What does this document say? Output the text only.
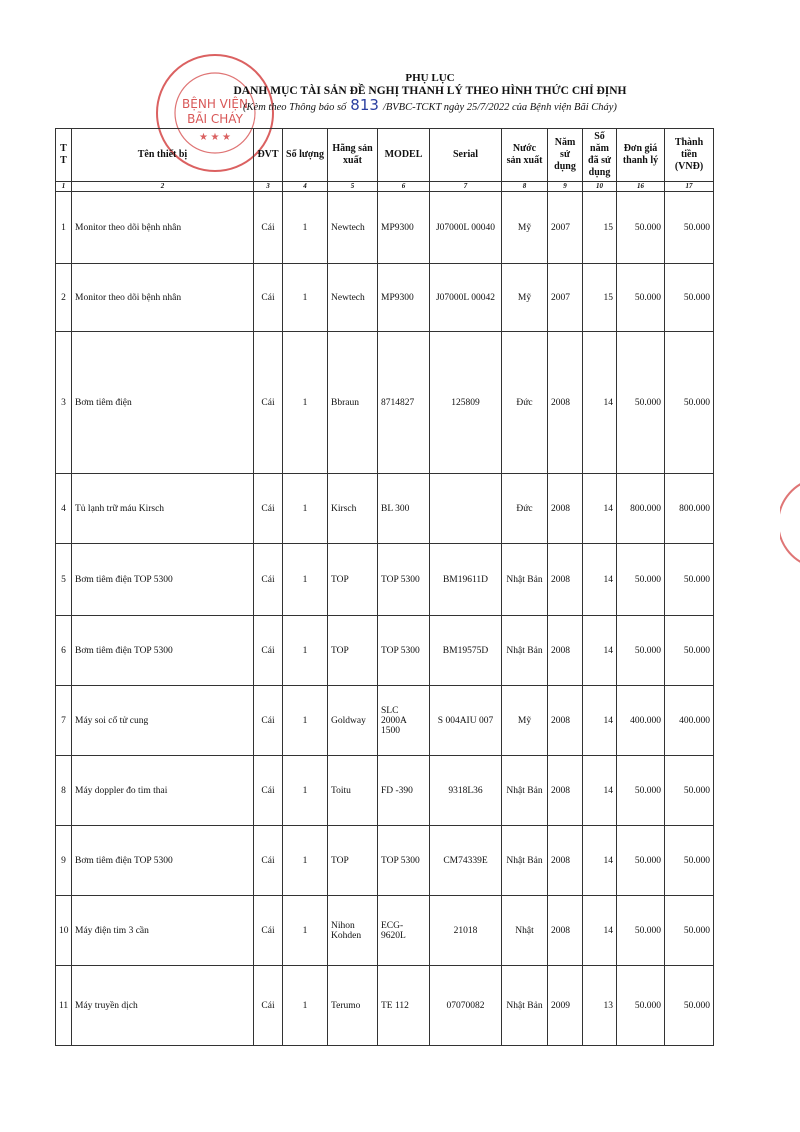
BỆNH VIỆN
BÃI CHÁY
★ ★ ★
PHỤ LỤC
DANH MỤC TÀI SẢN ĐỀ NGHỊ THANH LÝ THEO HÌNH THỨC CHỈ ĐỊNH
(Kèm theo Thông báo số 813 /BVBC-TCKT ngày 25/7/2022 của Bệnh viện Bãi Cháy)
T
T	Tên thiết bị	ĐVT	Số lượng	Hãng sản xuất	MODEL	Serial	Nước sản xuất	Năm sử dụng	Số năm đã sử dụng	Đơn giá thanh lý	Thành tiền (VNĐ)
1	2	3	4	5	6	7	8	9	10	16	17
1	Monitor theo dõi bệnh nhân	Cái	1	Newtech	MP9300	J07000L 00040	Mỹ	2007	15	50.000	50.000
2	Monitor theo dõi bệnh nhân	Cái	1	Newtech	MP9300	J07000L 00042	Mỹ	2007	15	50.000	50.000
3	Bơm tiêm điện	Cái	1	Bbraun	8714827	125809	Đức	2008	14	50.000	50.000
4	Tủ lạnh trữ máu Kirsch	Cái	1	Kirsch	BL 300		Đức	2008	14	800.000	800.000
5	Bơm tiêm điện TOP 5300	Cái	1	TOP	TOP 5300	BM19611D	Nhật Bản	2008	14	50.000	50.000
6	Bơm tiêm điện TOP 5300	Cái	1	TOP	TOP 5300	BM19575D	Nhật Bản	2008	14	50.000	50.000
7	Máy soi cổ tử cung	Cái	1	Goldway	SLC 2000A 1500	S 004AIU 007	Mỹ	2008	14	400.000	400.000
8	Máy doppler đo tim thai	Cái	1	Toitu	FD -390	9318L36	Nhật Bản	2008	14	50.000	50.000
9	Bơm tiêm điện TOP 5300	Cái	1	TOP	TOP 5300	CM74339E	Nhật Bản	2008	14	50.000	50.000
10	Máy điện tim 3 cần	Cái	1	Nihon Kohden	ECG-9620L	21018	Nhật	2008	14	50.000	50.000
11	Máy truyền dịch	Cái	1	Terumo	TE 112	07070082	Nhật Bản	2009	13	50.000	50.000
